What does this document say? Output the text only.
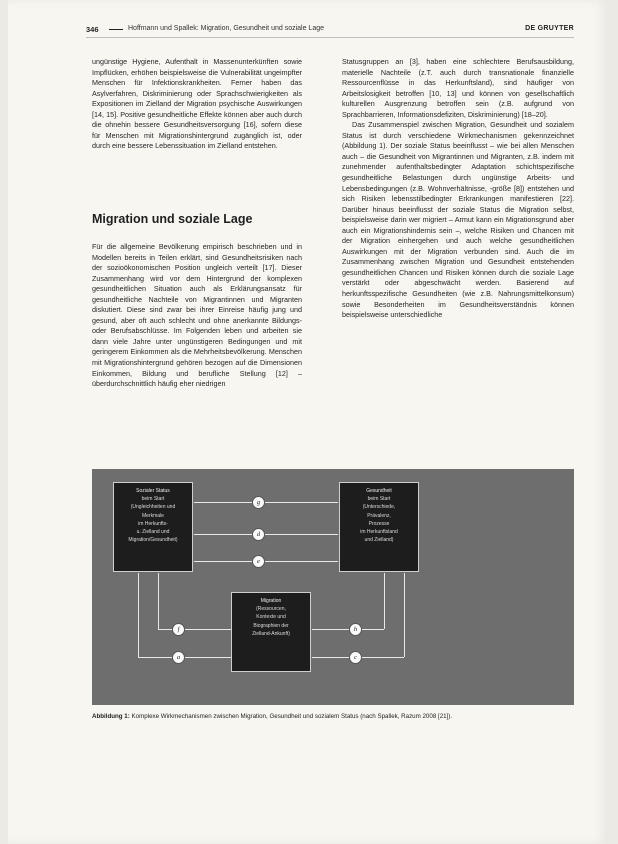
346	Hoffmann und Spallek: Migration, Gesundheit und soziale Lage	DE GRUYTER

ungünstige Hygiene, Aufenthalt in Massenunterkünften sowie Impflücken, erhöhen beispielsweise die Vulnerabilität ungeimpfter Menschen für Infektionskrankheiten. Ferner haben das Asylverfahren, Diskriminierung oder Sprachschwierigkeiten als Expositionen im Zielland der Migration psychische Auswirkungen [14, 15]. Positive gesundheitliche Effekte können aber auch durch die ohnehin bessere Gesundheitsversorgung [16], sofern diese für Menschen mit Migrationshintergrund zugänglich ist, oder durch eine bessere Lebenssituation im Zielland entstehen.

Migration und soziale Lage

Für die allgemeine Bevölkerung empirisch beschrieben und in Modellen bereits in Teilen erklärt, sind Gesundheitsrisiken nach der sozioökonomischen Position ungleich verteilt [17]. Dieser Zusammenhang wird vor dem Hintergrund der komplexen gesundheitlichen Situation auch als Erklärungsansatz für gesundheitliche Nachteile von Migrantinnen und Migranten diskutiert. Diese sind zwar bei ihrer Einreise häufig jung und gesund, aber oft auch schlecht und ohne anerkannte Bildungs- oder Berufsabschlüsse. Im Folgenden leben und arbeiten sie dann viele Jahre unter ungünstigeren Bedingungen und mit geringerem Einkommen als die Mehrheitsbevölkerung. Menschen mit Migrationshintergrund gehören bezogen auf die Dimensionen Einkommen, Bildung und berufliche Stellung [12] – überdurchschnittlich häufig eher niedrigen

Statusgruppen an [3], haben eine schlechtere Berufsausbildung, materielle Nachteile (z.T. auch durch transnationale finanzielle Ressourcenflüsse in das Herkunftsland), sind häufiger von Arbeitslosigkeit betroffen [10, 13] und können von gesellschaftlich kulturellen Ausgrenzung betroffen sein (z.B. aufgrund von Sprachbarrieren, Informationsdefiziten, Diskriminierung) [18–20].

Das Zusammenspiel zwischen Migration, Gesundheit und sozialem Status ist durch verschiedene Wirkmechanismen gekennzeichnet (Abbildung 1). Der soziale Status beeinflusst – wie bei allen Menschen auch – die Gesundheit von Migrantinnen und Migranten, z.B. indem mit zunehmender aufenthaltsbedingter Adaptation schichtspezifische gesundheitliche Belastungen durch ungünstige Arbeits- und Lebensbedingungen (z.B. Wohnverhältnisse, -größe [8]) entstehen und sich Risiken lebensstilbedingter Erkrankungen manifestieren [22]. Darüber hinaus beeinflusst der soziale Status die Migration selbst, beispielsweise darin wer migriert – Armut kann ein Migrationsgrund aber auch ein Migrationshindernis sein –, welche Risiken und Chancen mit der Migration einhergehen und auch welche gesundheitlichen Auswirkungen mit der Migration verbunden sind. Auch die im Zusammenhang zwischen Migration und Gesundheit entstehenden gesundheitlichen Chancen und Risiken können durch die soziale Lage verstärkt oder abgeschwächt werden. Basierend auf herkunftsspezifische Gesundheiten (wie z.B. Nahrungsmittelkonsum) sowie Besonderheiten im Gesundheitsverständnis können beispielsweise unterschiedliche

Sozialer Status
beim Start
(Ungleichheiten und
Merkmale
im Herkunfts-
u. Zielland und
Migration/Gesundheit)
Gesundheit
beim Start
(Unterschiede,
Prävalenz,
Prozesse
im Herkunftsland
und Zielland)
Migration
(Ressourcen,
Kontexte und
Biographien der
Zielland-Ankunft)
g
d
e
f
a
h
c
Abbildung 1: Komplexe Wirkmechanismen zwischen Migration, Gesundheit und sozialem Status (nach Spallek, Razum 2008 [21]).
